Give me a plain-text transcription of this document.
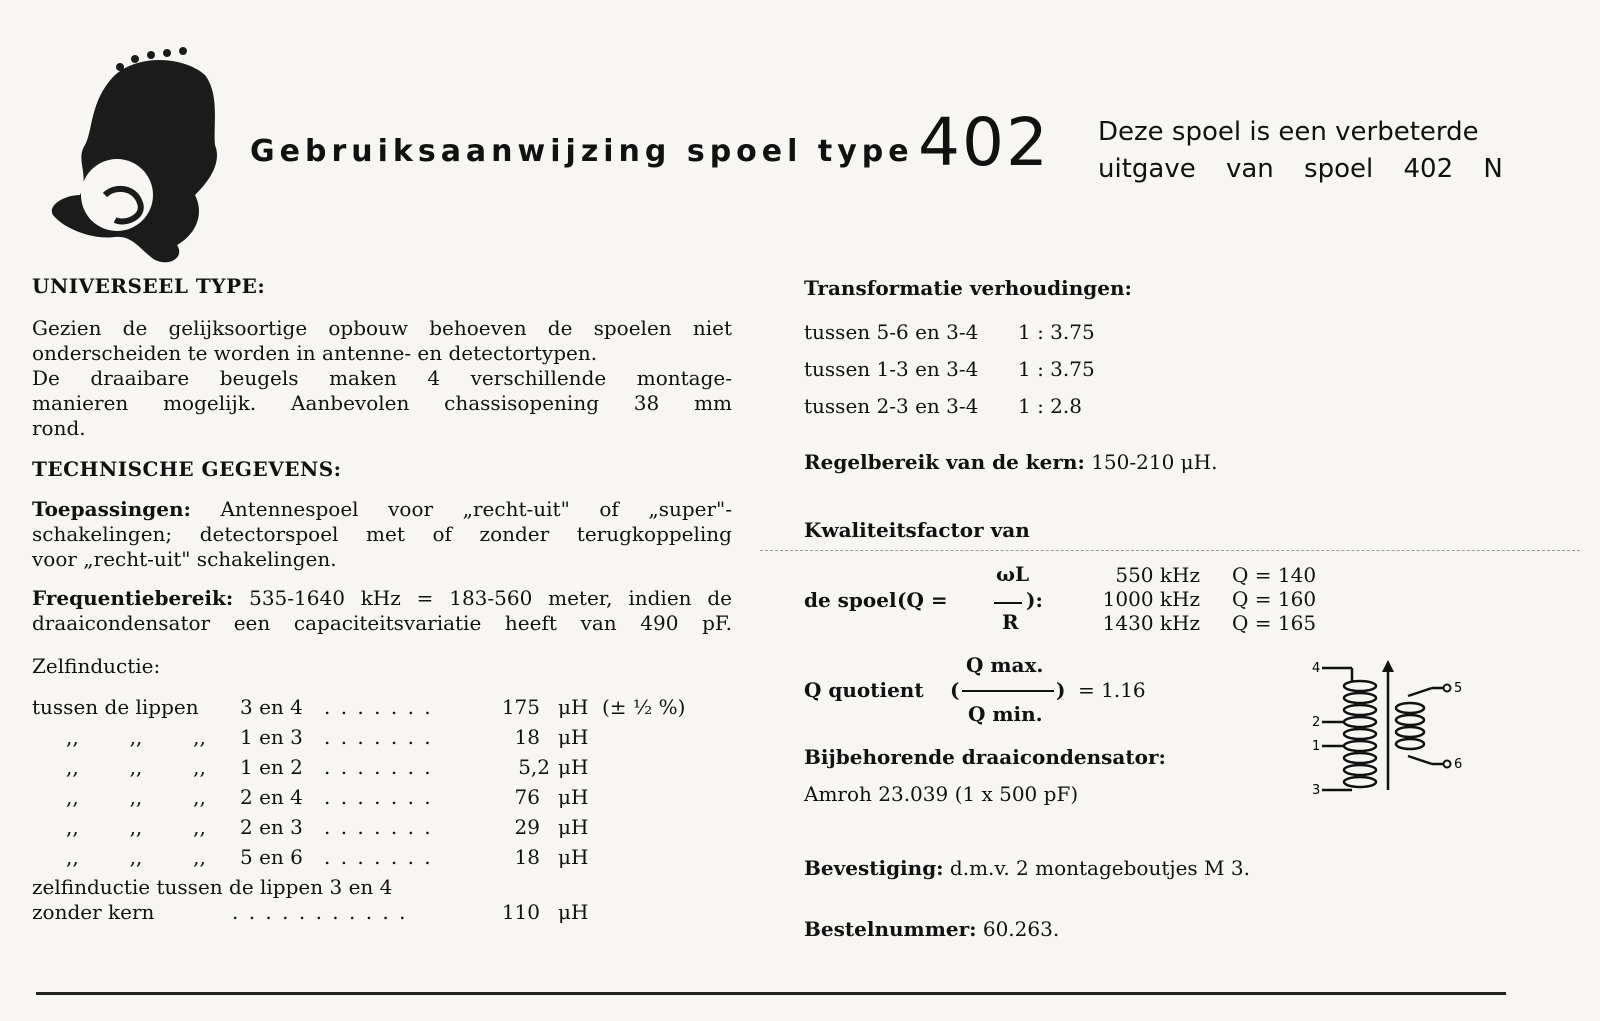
Gebruiksaanwijzing spoel type 402 Deze spoel is een verbeterde
uitgave van spoel 402 N
UNIVERSEEL TYPE:
Gezien de gelijksoortige opbouw behoeven de spoelen niet
onderscheiden te worden in antenne- en detectortypen.
De draaibare beugels maken 4 verschillende montage-
manieren mogelijk. Aanbevolen chassisopening 38 mm
rond.
TECHNISCHE GEGEVENS:
Toepassingen: Antennespoel voor „recht-uit" of „super"-
schakelingen; detectorspoel met of zonder terugkoppeling
voor „recht-uit" schakelingen.
Frequentiebereik: 535-1640 kHz = 183-560 meter, indien de
draaicondensator een capaciteitsvariatie heeft van 490 pF.
Zelfinductie:
tussen de lippen 3 en 4 . . . . . . .	175 μH (± ½ %)
,,        ,,        ,, 1 en 3 . . . . . . .	18 μH
,,        ,,        ,, 1 en 2 . . . . . . .	5,2 μH
,,        ,,        ,, 2 en 4 . . . . . . .	76 μH
,,        ,,        ,, 2 en 3 . . . . . . .	29 μH
,,        ,,        ,, 5 en 6 . . . . . . .	18 μH
zelfinductie tussen de lippen 3 en 4
zonder kern	. . . . . . . . . . .	110 μH
Transformatie verhoudingen:
tussen 5-6 en 3-4 1 : 3.75
tussen 1-3 en 3-4 1 : 3.75
tussen 2-3 en 3-4 1 : 2.8
Regelbereik van de kern: 150-210 μH.
Kwaliteitsfactor van
de spoel (Q =
ωL
R
):
550 kHz Q = 140
1000 kHz Q = 160
1430 kHz Q = 165
Q quotient (
Q max.
Q min.
) = 1.16
Bijbehorende draaicondensator:
Amroh 23.039 (1 x 500 pF)
Bevestiging: d.m.v. 2 montageboutjes M 3.
Bestelnummer: 60.263.
4
2
1
3
5
6
